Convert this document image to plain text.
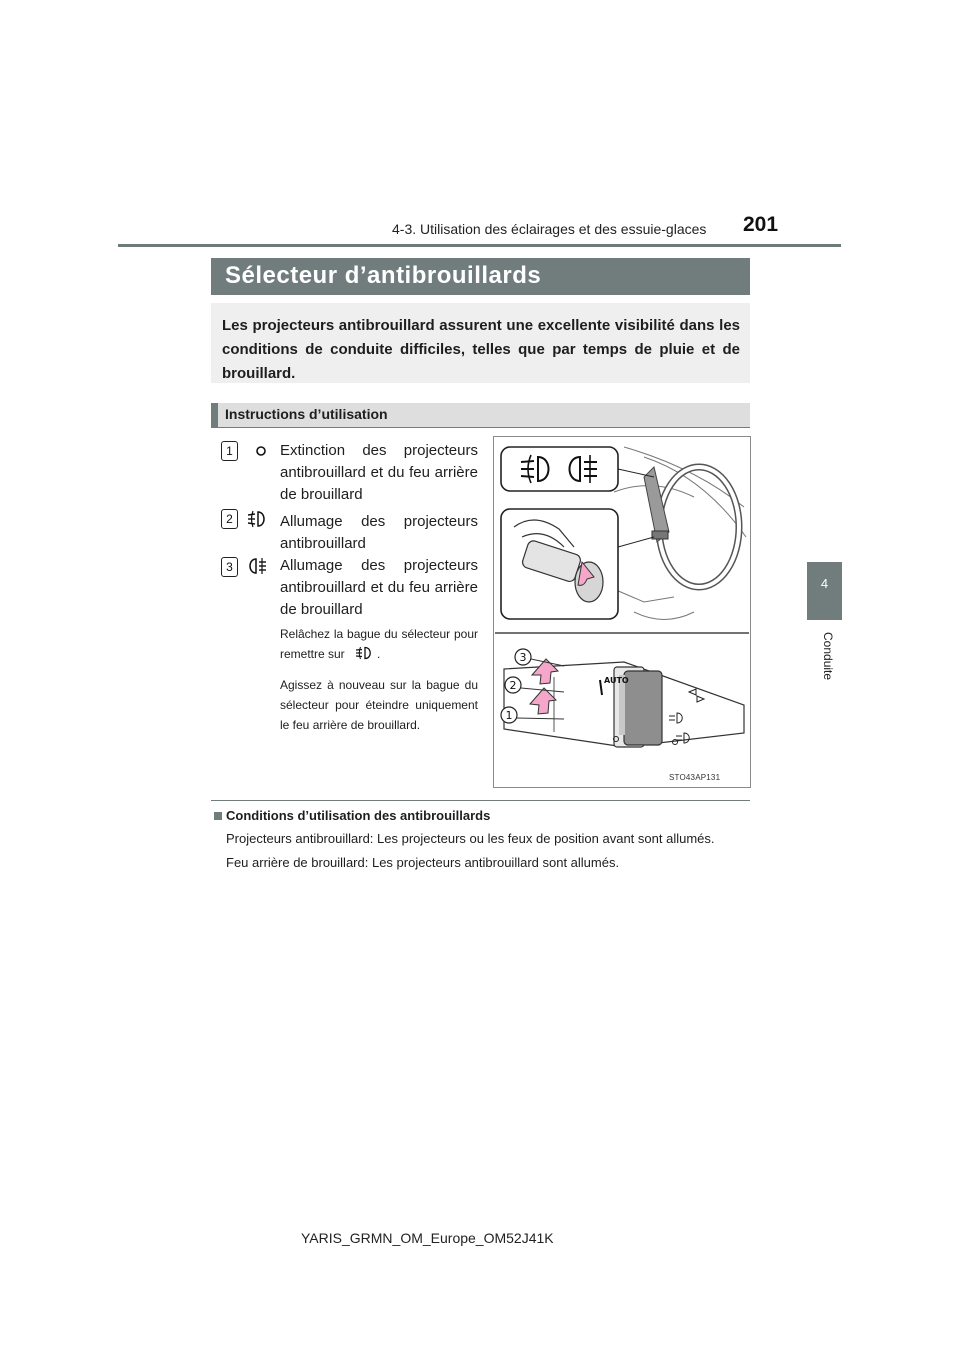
4-3. Utilisation des éclairages et des essuie-glaces 201
4
Conduite
Sélecteur d’antibrouillards
Les projecteurs antibrouillard assurent une excellente visibilité dans les conditions de conduite difficiles, telles que par temps de pluie et de brouillard.
Instructions d’utilisation
1	Extinction des projecteurs antibrouillard et du feu arrière de brouillard
2	Allumage des projecteurs antibrouillard
3	Allumage des projecteurs antibrouillard et du feu arrière de brouillard
Relâchez la bague du sélecteur pour remettre sur	.
Agissez à nouveau sur la bague du sélecteur pour éteindre uniquement le feu arrière de brouillard.
AUTO
3
2
1
STO43AP131
Conditions d’utilisation des antibrouillards
Projecteurs antibrouillard: Les projecteurs ou les feux de position avant sont allumés.
Feu arrière de brouillard: Les projecteurs antibrouillard sont allumés.
YARIS_GRMN_OM_Europe_OM52J41K
